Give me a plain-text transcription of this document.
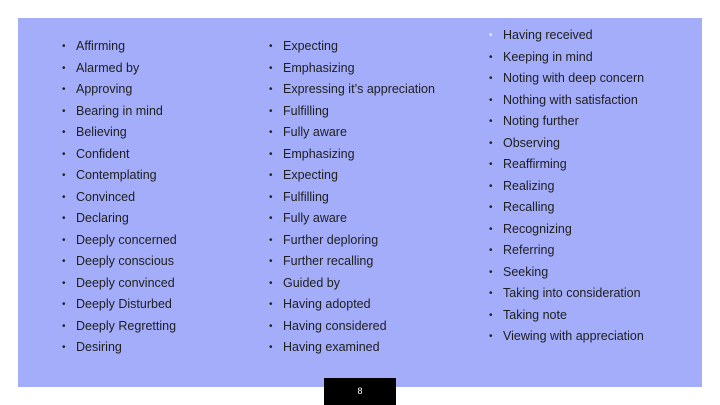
• Affirming
• Alarmed by
• Approving
• Bearing in mind
• Believing
• Confident
• Contemplating
• Convinced
• Declaring
• Deeply concerned
• Deeply conscious
• Deeply convinced
• Deeply Disturbed
• Deeply Regretting
• Desiring
• Expecting
• Emphasizing
• Expressing it’s appreciation
• Fulfilling
• Fully aware
• Emphasizing
• Expecting
• Fulfilling
• Fully aware
• Further deploring
• Further recalling
• Guided by
• Having adopted
• Having considered
• Having examined
• Having received
• Keeping in mind
• Noting with deep concern
• Nothing with satisfaction
• Noting further
• Observing
• Reaffirming
• Realizing
• Recalling
• Recognizing
• Referring
• Seeking
• Taking into consideration
• Taking note
• Viewing with appreciation
8
